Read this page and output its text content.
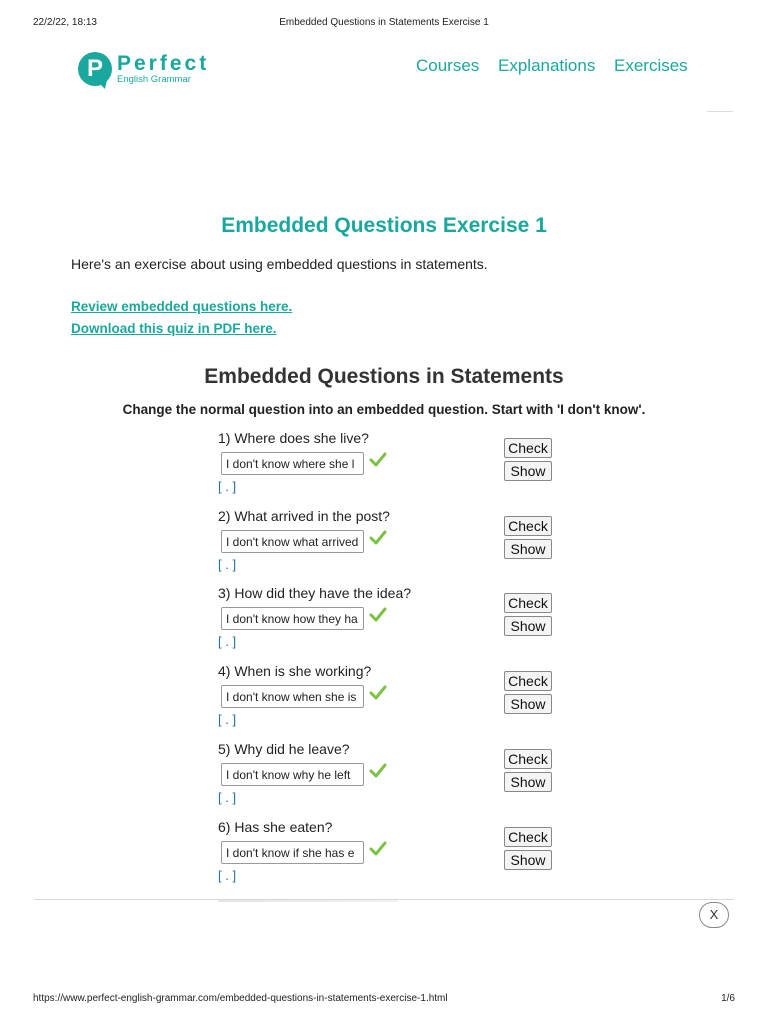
22/2/22, 18:13	Embedded Questions in Statements Exercise 1
P Perfect
English Grammar
Courses Explanations Exercises
Embedded Questions Exercise 1

Here's an exercise about using embedded questions in statements.

Review embedded questions here.
Download this quiz in PDF here.
Embedded Questions in Statements

Change the normal question into an embedded question. Start with 'I don't know'.

1) Where does she live?
I don't know where she l
[ . ]
Check
Show
2) What arrived in the post?
I don't know what arrived
[ . ]
Check
Show
3) How did they have the idea?
I don't know how they ha
[ . ]
Check
Show
4) When is she working?
I don't know when she is
[ . ]
Check
Show
5) Why did he leave?
I don't know why he left
[ . ]
Check
Show
6) Has she eaten?
I don't know if she has e
[ . ]
Check
Show
X
https://www.perfect-english-grammar.com/embedded-questions-in-statements-exercise-1.html	1/6
